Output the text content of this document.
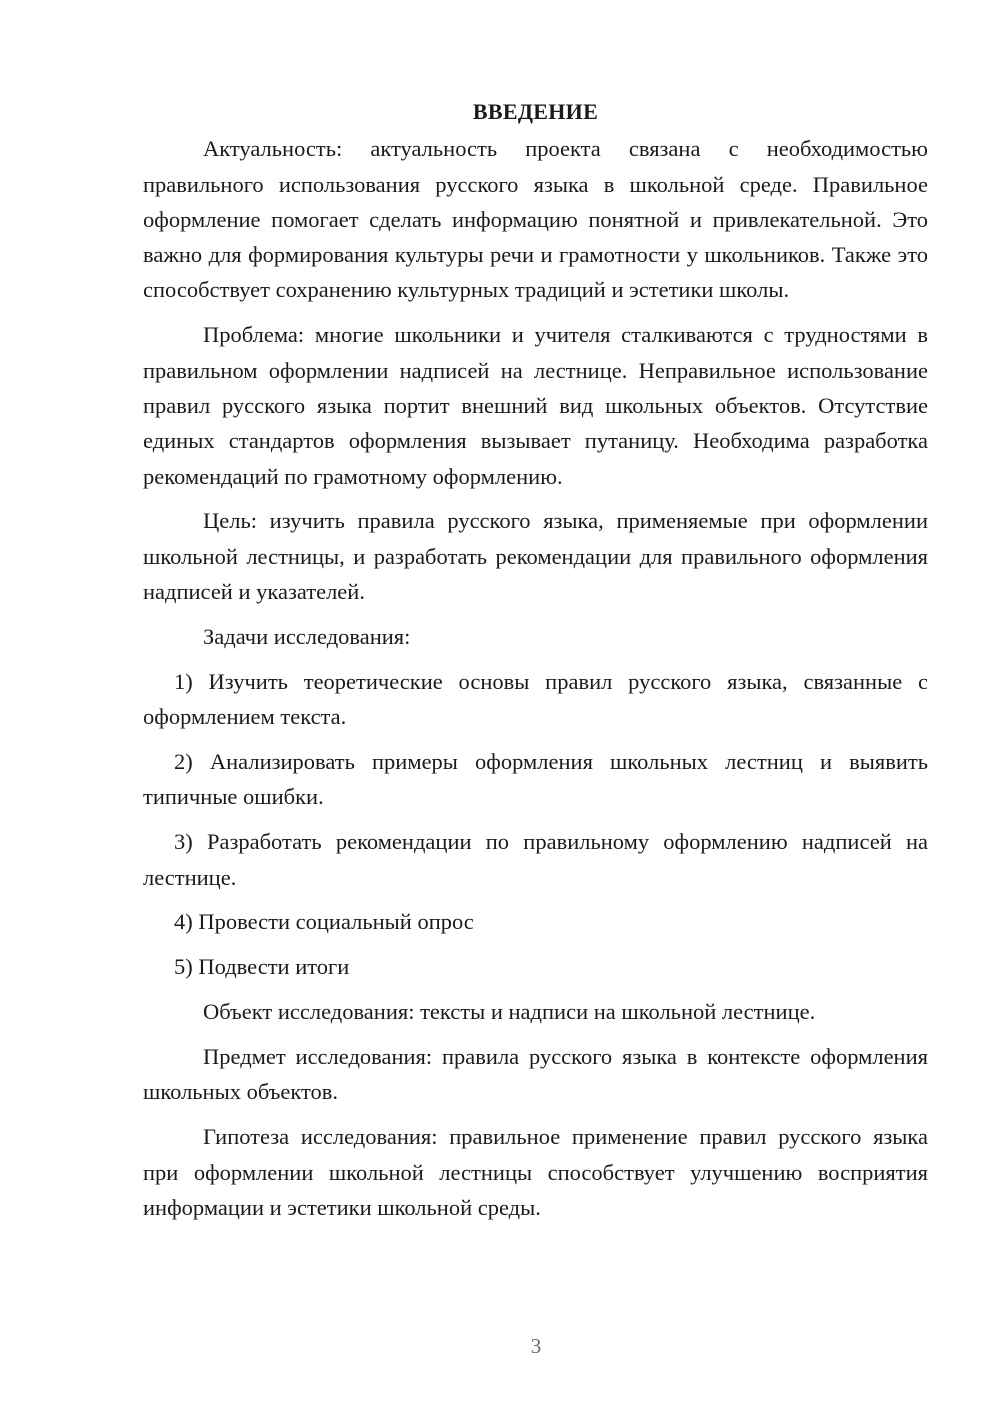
ВВЕДЕНИЕ

Актуальность: актуальность проекта связана с необходимостью правильного использования русского языка в школьной среде. Правильное оформление помогает сделать информацию понятной и привлекательной. Это важно для формирования культуры речи и грамотности у школьников. Также это способствует сохранению культурных традиций и эстетики школы.

Проблема: многие школьники и учителя сталкиваются с трудностями в правильном оформлении надписей на лестнице. Неправильное использование правил русского языка портит внешний вид школьных объектов. Отсутствие единых стандартов оформления вызывает путаницу. Необходима разработка рекомендаций по грамотному оформлению.

Цель: изучить правила русского языка, применяемые при оформлении школьной лестницы, и разработать рекомендации для правильного оформления надписей и указателей.

Задачи исследования:

1) Изучить теоретические основы правил русского языка, связанные с оформлением текста.

2) Анализировать примеры оформления школьных лестниц и выявить типичные ошибки.

3) Разработать рекомендации по правильному оформлению надписей на лестнице.

4) Провести социальный опрос

5) Подвести итоги

Объект исследования: тексты и надписи на школьной лестнице.

Предмет исследования: правила русского языка в контексте оформления школьных объектов.

Гипотеза исследования: правильное применение правил русского языка при оформлении школьной лестницы способствует улучшению восприятия информации и эстетики школьной среды.

3
